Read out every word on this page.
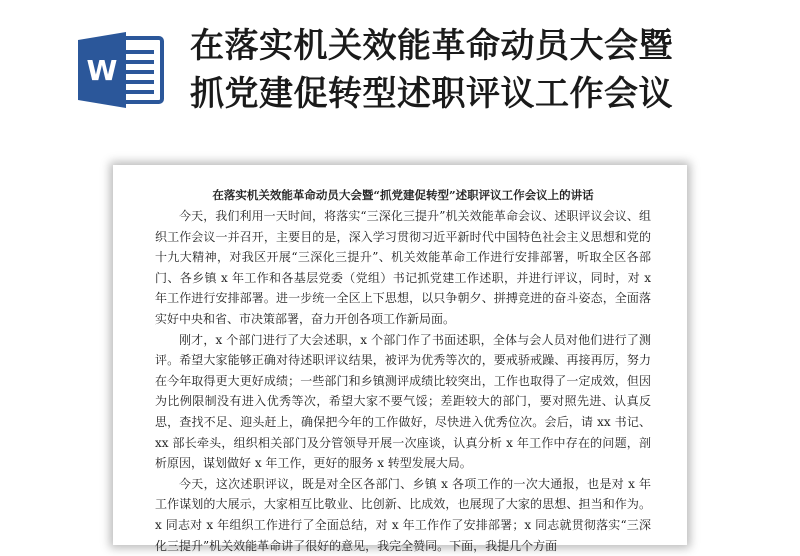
W
在落实机关效能革命动员大会暨
抓党建促转型述职评议工作会议
在落实机关效能革命动员大会暨“抓党建促转型”述职评议工作会议上的讲话

今天，我们利用一天时间，将落实“三深化三提升”机关效能革命会议、述职评议会议、组织工作会议一并召开，主要目的是，深入学习贯彻习近平新时代中国特色社会主义思想和党的十九大精神，对我区开展“三深化三提升”、机关效能革命工作进行安排部署，听取全区各部门、各乡镇 x 年工作和各基层党委（党组）书记抓党建工作述职，并进行评议，同时，对 x 年工作进行安排部署。进一步统一全区上下思想，以只争朝夕、拼搏竞进的奋斗姿态，全面落实好中央和省、市决策部署，奋力开创各项工作新局面。

刚才，x 个部门进行了大会述职，x 个部门作了书面述职，全体与会人员对他们进行了测评。希望大家能够正确对待述职评议结果，被评为优秀等次的，要戒骄戒躁、再接再厉，努力在今年取得更大更好成绩；一些部门和乡镇测评成绩比较突出，工作也取得了一定成效，但因为比例限制没有进入优秀等次，希望大家不要气馁；差距较大的部门，要对照先进、认真反思，查找不足、迎头赶上，确保把今年的工作做好，尽快进入优秀位次。会后，请 xx 书记、xx 部长牵头，组织相关部门及分管领导开展一次座谈，认真分析 x 年工作中存在的问题，剖析原因，谋划做好 x 年工作，更好的服务 x 转型发展大局。

今天，这次述职评议，既是对全区各部门、乡镇 x 各项工作的一次大通报，也是对 x 年工作谋划的大展示，大家相互比敬业、比创新、比成效，也展现了大家的思想、担当和作为。x 同志对 x 年组织工作进行了全面总结，对 x 年工作作了安排部署；x 同志就贯彻落实“三深化三提升”机关效能革命讲了很好的意见，我完全赞同。下面，我提几个方面
